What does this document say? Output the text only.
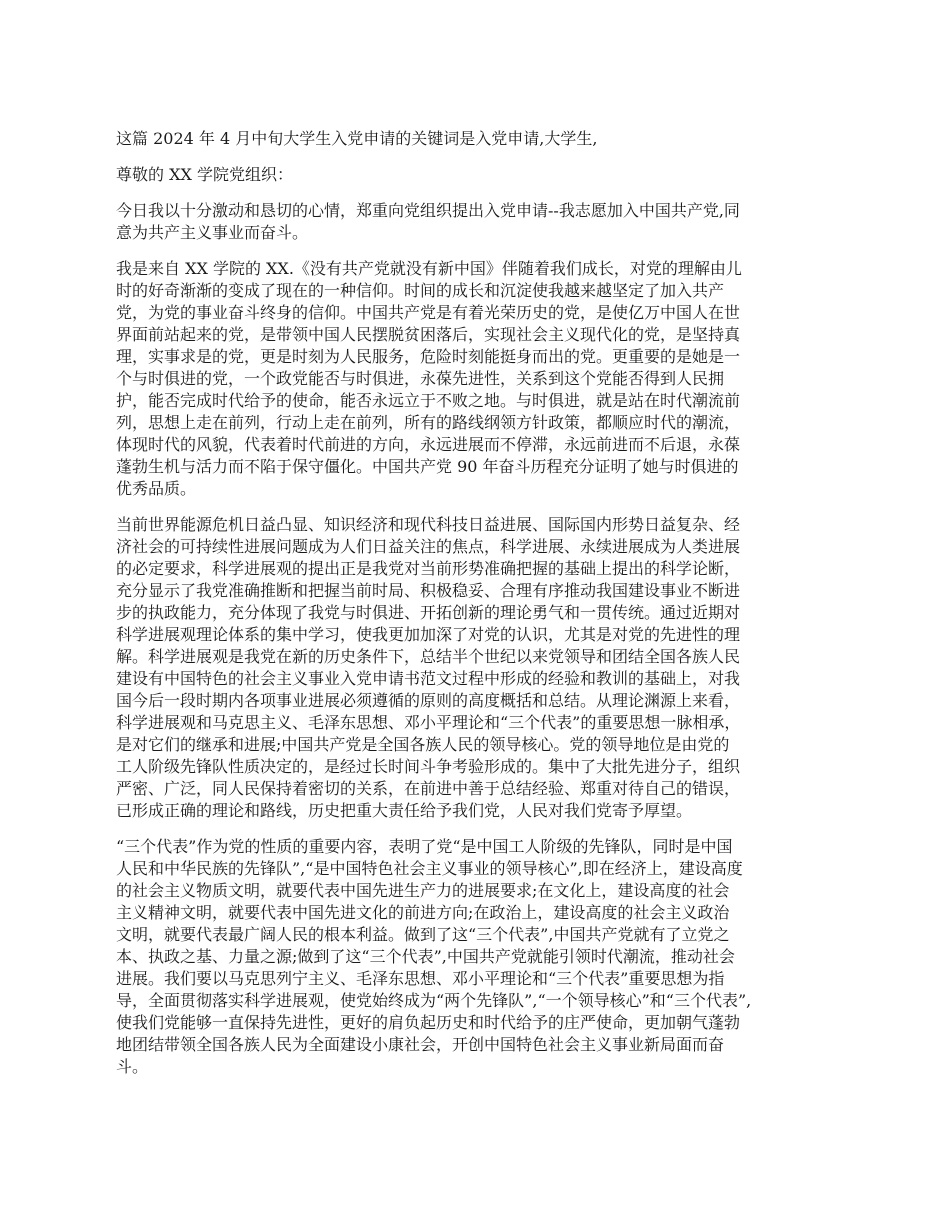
这篇 2024 年 4 月中旬大学生入党申请的关键词是入党申请,大学生,

尊敬的 XX 学院党组织：

今日我以十分激动和恳切的心情，郑重向党组织提出入党申请--我志愿加入中国共产党,同
意为共产主义事业而奋斗。
我是来自 XX 学院的 XX.《没有共产党就没有新中国》伴随着我们成长，对党的理解由儿
时的好奇渐渐的变成了现在的一种信仰。时间的成长和沉淀使我越来越坚定了加入共产
党，为党的事业奋斗终身的信仰。中国共产党是有着光荣历史的党，是使亿万中国人在世
界面前站起来的党，是带领中国人民摆脱贫困落后，实现社会主义现代化的党，是坚持真
理，实事求是的党，更是时刻为人民服务，危险时刻能挺身而出的党。更重要的是她是一
个与时俱进的党，一个政党能否与时俱进，永葆先进性，关系到这个党能否得到人民拥
护，能否完成时代给予的使命，能否永远立于不败之地。与时俱进，就是站在时代潮流前
列，思想上走在前列，行动上走在前列，所有的路线纲领方针政策，都顺应时代的潮流，
体现时代的风貌，代表着时代前进的方向，永远进展而不停滞，永远前进而不后退，永葆
蓬勃生机与活力而不陷于保守僵化。中国共产党 90 年奋斗历程充分证明了她与时俱进的
优秀品质。
当前世界能源危机日益凸显、知识经济和现代科技日益进展、国际国内形势日益复杂、经
济社会的可持续性进展问题成为人们日益关注的焦点，科学进展、永续进展成为人类进展
的必定要求，科学进展观的提出正是我党对当前形势准确把握的基础上提出的科学论断，
充分显示了我党准确推断和把握当前时局、积极稳妥、合理有序推动我国建设事业不断进
步的执政能力，充分体现了我党与时俱进、开拓创新的理论勇气和一贯传统。通过近期对
科学进展观理论体系的集中学习，使我更加加深了对党的认识，尤其是对党的先进性的理
解。科学进展观是我党在新的历史条件下，总结半个世纪以来党领导和团结全国各族人民
建设有中国特色的社会主义事业入党申请书范文过程中形成的经验和教训的基础上，对我
国今后一段时期内各项事业进展必须遵循的原则的高度概括和总结。从理论渊源上来看，
科学进展观和马克思主义、毛泽东思想、邓小平理论和“三个代表”的重要思想一脉相承，
是对它们的继承和进展;中国共产党是全国各族人民的领导核心。党的领导地位是由党的
工人阶级先锋队性质决定的，是经过长时间斗争考验形成的。集中了大批先进分子，组织
严密、广泛，同人民保持着密切的关系，在前进中善于总结经验、郑重对待自己的错误，
已形成正确的理论和路线，历史把重大责任给予我们党，人民对我们党寄予厚望。
“三个代表”作为党的性质的重要内容，表明了党“是中国工人阶级的先锋队，同时是中国
人民和中华民族的先锋队”,“是中国特色社会主义事业的领导核心”,即在经济上，建设高度
的社会主义物质文明，就要代表中国先进生产力的进展要求;在文化上，建设高度的社会
主义精神文明，就要代表中国先进文化的前进方向;在政治上，建设高度的社会主义政治
文明，就要代表最广阔人民的根本利益。做到了这“三个代表”,中国共产党就有了立党之
本、执政之基、力量之源;做到了这“三个代表”,中国共产党就能引领时代潮流，推动社会
进展。我们要以马克思列宁主义、毛泽东思想、邓小平理论和“三个代表”重要思想为指
导，全面贯彻落实科学进展观，使党始终成为“两个先锋队”,“一个领导核心”和“三个代表”,
使我们党能够一直保持先进性，更好的肩负起历史和时代给予的庄严使命，更加朝气蓬勃
地团结带领全国各族人民为全面建设小康社会，开创中国特色社会主义事业新局面而奋
斗。
